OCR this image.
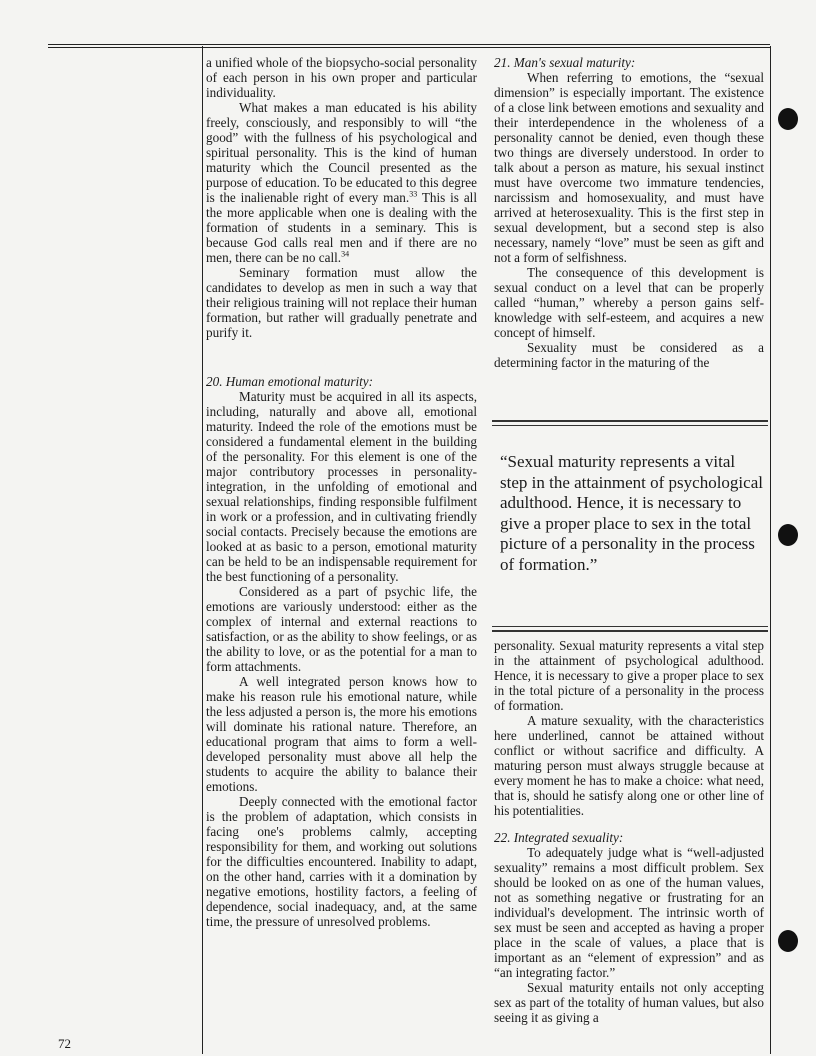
72

a unified whole of the biopsycho-social personality of each person in his own proper and particular individuality.

What makes a man educated is his ability freely, consciously, and responsibly to will “the good” with the fullness of his psychological and spiritual personality. This is the kind of human maturity which the Council presented as the purpose of education. To be educated to this degree is the inalienable right of every man.$^{33}$ This is all the more applicable when one is dealing with the formation of students in a seminary. This is because God calls real men and if there are no men, there can be no call.$^{34}$

Seminary formation must allow the candidates to develop as men in such a way that their religious training will not replace their human formation, but rather will gradually penetrate and purify it.

20. Human emotional maturity:

Maturity must be acquired in all its aspects, including, naturally and above all, emotional maturity. Indeed the role of the emotions must be considered a fundamental element in the building of the personality. For this element is one of the major contributory processes in personality-integration, in the unfolding of emotional and sexual relationships, finding responsible fulfilment in work or a profession, and in cultivating friendly social contacts. Precisely because the emotions are looked at as basic to a person, emotional maturity can be held to be an indispensable requirement for the best functioning of a personality.

Considered as a part of psychic life, the emotions are variously understood: either as the complex of internal and external reactions to satisfaction, or as the ability to show feelings, or as the ability to love, or as the potential for a man to form attachments.

A well integrated person knows how to make his reason rule his emotional nature, while the less adjusted a person is, the more his emotions will dominate his rational nature. Therefore, an educational program that aims to form a well-developed personality must above all help the students to acquire the ability to balance their emotions.

Deeply connected with the emotional factor is the problem of adaptation, which consists in facing one's problems calmly, accepting responsibility for them, and working out solutions for the difficulties encountered. Inability to adapt, on the other hand, carries with it a domination by negative emotions, hostility factors, a feeling of dependence, social inadequacy, and, at the same time, the pressure of unresolved problems.

21. Man's sexual maturity:

When referring to emotions, the “sexual dimension” is especially important. The existence of a close link between emotions and sexuality and their interdependence in the wholeness of a personality cannot be denied, even though these two things are diversely understood. In order to talk about a person as mature, his sexual instinct must have overcome two immature tendencies, narcissism and homosexuality, and must have arrived at heterosexuality. This is the first step in sexual development, but a second step is also necessary, namely “love” must be seen as gift and not a form of selfishness.

The consequence of this development is sexual conduct on a level that can be properly called “human,” whereby a person gains self-knowledge with self-esteem, and acquires a new concept of himself.

Sexuality must be considered as a determining factor in the maturing of the

“Sexual maturity represents a vital step in the attainment of psychological adulthood. Hence, it is necessary to give a proper place to sex in the total picture of a personality in the process of formation.”

personality. Sexual maturity represents a vital step in the attainment of psychological adulthood. Hence, it is necessary to give a proper place to sex in the total picture of a personality in the process of formation.

A mature sexuality, with the characteristics here underlined, cannot be attained without conflict or without sacrifice and difficulty. A maturing person must always struggle because at every moment he has to make a choice: what need, that is, should he satisfy along one or other line of his potentialities.

22. Integrated sexuality:

To adequately judge what is “well-adjusted sexuality” remains a most difficult problem. Sex should be looked on as one of the human values, not as something negative or frustrating for an individual's development. The intrinsic worth of sex must be seen and accepted as having a proper place in the scale of values, a place that is important as an “element of expression” and as “an integrating factor.”

Sexual maturity entails not only accepting sex as part of the totality of human values, but also seeing it as giving a
